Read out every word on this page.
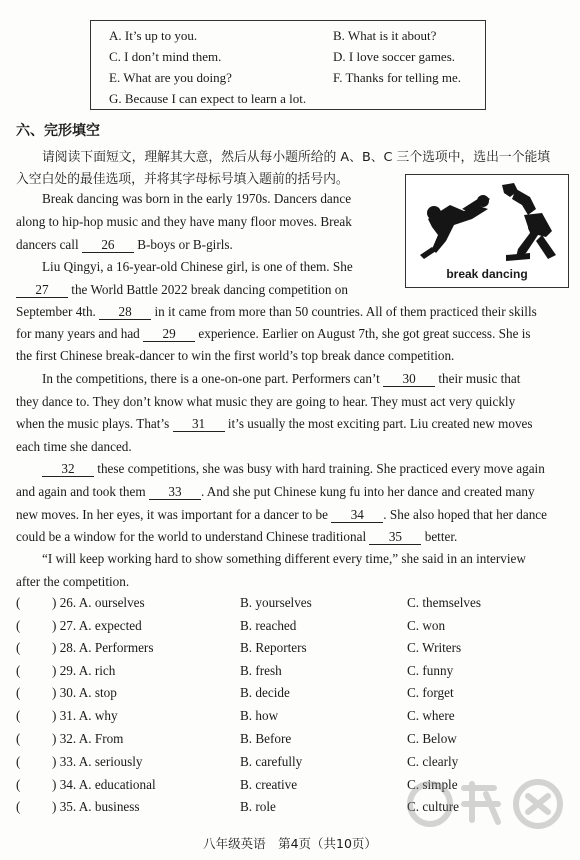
A. It’s up to you.	B. What is it about?
C. I don’t mind them.	D. I love soccer games.
E. What are you doing?	F. Thanks for telling me.
G. Because I can expect to learn a lot.
六、完形填空
请阅读下面短文，理解其大意，然后从每小题所给的 A、B、C 三个选项中，选出一个能填
入空白处的最佳选项，并将其字母标号填入题前的括号内。
break dancing
Break dancing was born in the early 1970s. Dancers dance
along to hip-hop music and they have many floor moves. Break
dancers call 26 B-boys or B-girls.
Liu Qingyi, a 16-year-old Chinese girl, is one of them. She
27 the World Battle 2022 break dancing competition on
September 4th. 28 in it came from more than 50 countries. All of them practiced their skills
for many years and had 29 experience. Earlier on August 7th, she got great success. She is
the first Chinese break-dancer to win the first world’s top break dance competition.
In the competitions, there is a one-on-one part. Performers can’t 30 their music that
they dance to. They don’t know what music they are going to hear. They must act very quickly
when the music plays. That’s 31 it’s usually the most exciting part. Liu created new moves
each time she danced.
32 these competitions, she was busy with hard training. She practiced every move again
and again and took them 33 . And she put Chinese kung fu into her dance and created many
new moves. In her eyes, it was important for a dancer to be 34 . She also hoped that her dance
could be a window for the world to understand Chinese traditional 35 better.
“I will keep working hard to show something different every time,” she said in an interview
after the competition.
( ) 26. A. ourselves	B. yourselves	C. themselves
( ) 27. A. expected	B. reached	C. won
( ) 28. A. Performers	B. Reporters	C. Writers
( ) 29. A. rich	B. fresh	C. funny
( ) 30. A. stop	B. decide	C. forget
( ) 31. A. why	B. how	C. where
( ) 32. A. From	B. Before	C. Below
( ) 33. A. seriously	B. carefully	C. clearly
( ) 34. A. educational	B. creative	C. simple
( ) 35. A. business	B. role	C. culture
八年级英语　第4页（共10页）
